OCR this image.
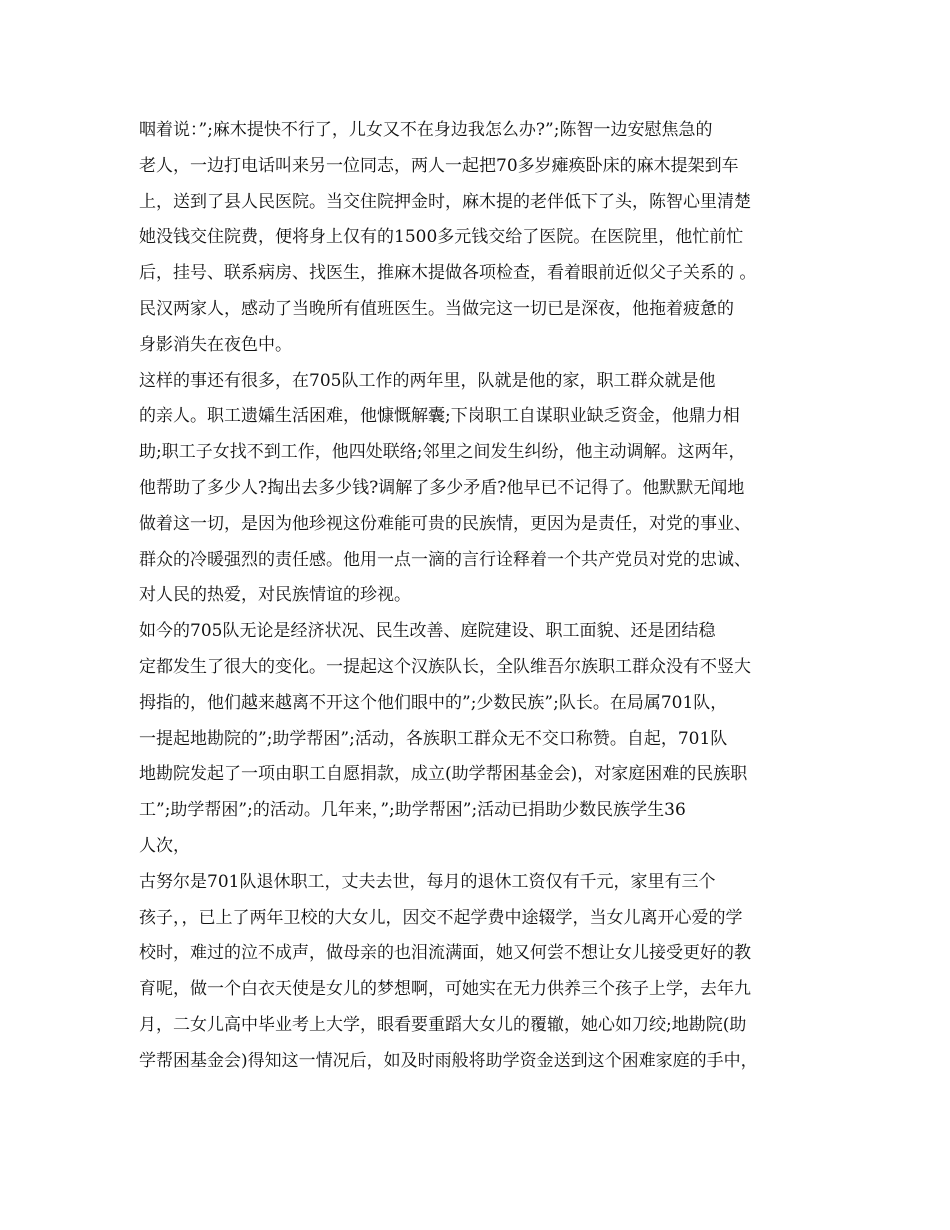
咽着说：”;麻木提快不行了，儿女又不在身边我怎么办?”;陈智一边安慰焦急的
老人，一边打电话叫来另一位同志，两人一起把70多岁瘫痪卧床的麻木提架到车
上，送到了县人民医院。当交住院押金时，麻木提的老伴低下了头，陈智心里清楚
她没钱交住院费，便将身上仅有的1500多元钱交给了医院。在医院里，他忙前忙
后，挂号、联系病房、找医生，推麻木提做各项检查，看着眼前近似父子关系的 。
民汉两家人，感动了当晚所有值班医生。当做完这一切已是深夜，他拖着疲惫的
身影消失在夜色中。
这样的事还有很多，在705队工作的两年里，队就是他的家，职工群众就是他
的亲人。职工遗孀生活困难，他慷慨解囊;下岗职工自谋职业缺乏资金，他鼎力相
助;职工子女找不到工作，他四处联络;邻里之间发生纠纷，他主动调解。这两年，
他帮助了多少人?掏出去多少钱?调解了多少矛盾?他早已不记得了。他默默无闻地
做着这一切，是因为他珍视这份难能可贵的民族情，更因为是责任，对党的事业、
群众的冷暖强烈的责任感。他用一点一滴的言行诠释着一个共产党员对党的忠诚、
对人民的热爱，对民族情谊的珍视。
如今的705队无论是经济状况、民生改善、庭院建设、职工面貌、还是团结稳
定都发生了很大的变化。一提起这个汉族队长，全队维吾尔族职工群众没有不竖大
拇指的，他们越来越离不开这个他们眼中的”;少数民族”;队长。在局属701队，
一提起地勘院的”;助学帮困”;活动，各族职工群众无不交口称赞。自起，701队
地勘院发起了一项由职工自愿捐款，成立(助学帮困基金会)，对家庭困难的民族职
工”;助学帮困”;的活动。几年来，”;助学帮困”;活动已捐助少数民族学生36
人次，
古努尔是701队退休职工，丈夫去世，每月的退休工资仅有千元，家里有三个
孩子，，已上了两年卫校的大女儿，因交不起学费中途辍学，当女儿离开心爱的学
校时，难过的泣不成声，做母亲的也泪流满面，她又何尝不想让女儿接受更好的教
育呢，做一个白衣天使是女儿的梦想啊，可她实在无力供养三个孩子上学，去年九
月，二女儿高中毕业考上大学，眼看要重蹈大女儿的覆辙，她心如刀绞;地勘院(助
学帮困基金会)得知这一情况后，如及时雨般将助学资金送到这个困难家庭的手中，
